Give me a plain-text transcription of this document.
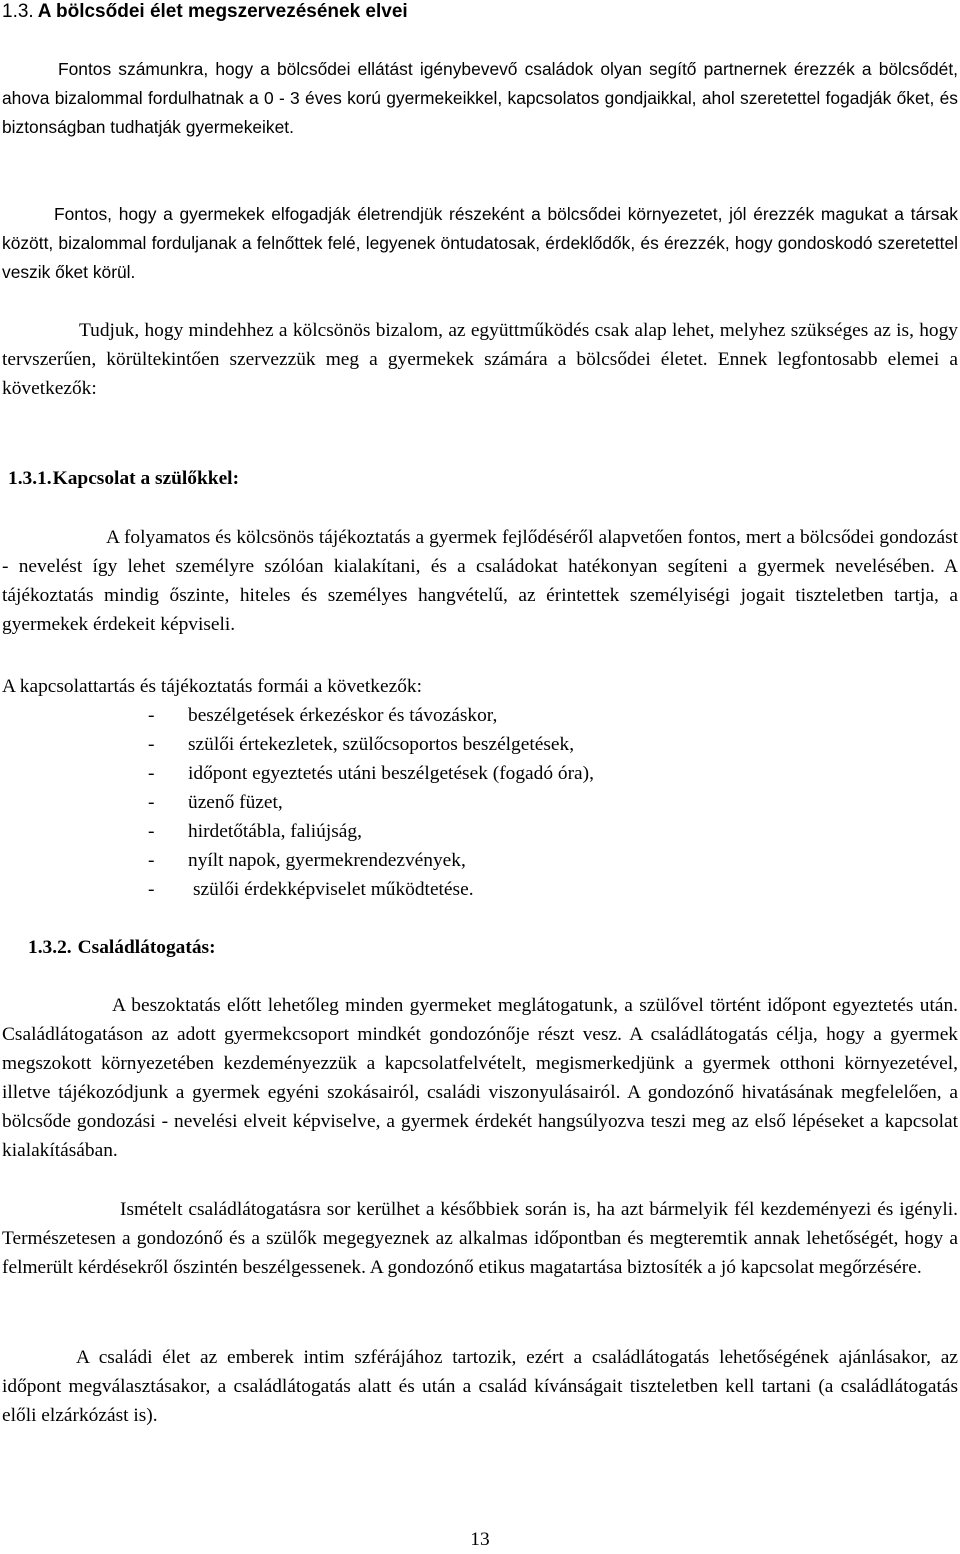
1.3. A bölcsődei élet megszervezésének elvei

Fontos számunkra, hogy a bölcsődei ellátást igénybevevő családok olyan segítő partnernek érezzék a bölcsődét, ahova bizalommal fordulhatnak a 0 - 3 éves korú gyermekeikkel, kapcsolatos gondjaikkal, ahol szeretettel fogadják őket, és biztonságban tudhatják gyermekeiket.

Fontos, hogy a gyermekek elfogadják életrendjük részeként a bölcsődei környezetet, jól érezzék magukat a társak között, bizalommal forduljanak a felnőttek felé, legyenek öntudatosak, érdeklődők, és érezzék, hogy gondoskodó szeretettel veszik őket körül.

Tudjuk, hogy mindehhez a kölcsönös bizalom, az együttműködés csak alap lehet, melyhez szükséges az is, hogy tervszerűen, körültekintően szervezzük meg a gyermekek számára a bölcsődei életet. Ennek legfontosabb elemei a következők:

1.3.1.Kapcsolat a szülőkkel:

A folyamatos és kölcsönös tájékoztatás a gyermek fejlődéséről alapvetően fontos, mert a bölcsődei gondozást - nevelést így lehet személyre szólóan kialakítani, és a családokat hatékonyan segíteni a gyermek nevelésében. A tájékoztatás mindig őszinte, hiteles és személyes hangvételű, az érintettek személyiségi jogait tiszteletben tartja, a gyermekek érdekeit képviseli.

A kapcsolattartás és tájékoztatás formái a következők:

-	beszélgetések érkezéskor és távozáskor,
-	szülői értekezletek, szülőcsoportos beszélgetések,
-	időpont egyeztetés utáni beszélgetések (fogadó óra),
-	üzenő füzet,
-	hirdetőtábla, faliújság,
-	nyílt napok, gyermekrendezvények,
-	szülői érdekképviselet működtetése.
1.3.2. Családlátogatás:

A beszoktatás előtt lehetőleg minden gyermeket meglátogatunk, a szülővel történt időpont egyeztetés után. Családlátogatáson az adott gyermekcsoport mindkét gondozónője részt vesz. A családlátogatás célja, hogy a gyermek megszokott környezetében kezdeményezzük a kapcsolatfelvételt, megismerkedjünk a gyermek otthoni környezetével, illetve tájékozódjunk a gyermek egyéni szokásairól, családi viszonyulásairól. A gondozónő hivatásának megfelelően, a bölcsőde gondozási - nevelési elveit képviselve, a gyermek érdekét hangsúlyozva teszi meg az első lépéseket a kapcsolat kialakításában.

Ismételt családlátogatásra sor kerülhet a későbbiek során is, ha azt bármelyik fél kezdeményezi és igényli. Természetesen a gondozónő és a szülők megegyeznek az alkalmas időpontban és megteremtik annak lehetőségét, hogy a felmerült kérdésekről őszintén beszélgessenek. A gondozónő etikus magatartása biztosíték a jó kapcsolat megőrzésére.

A családi élet az emberek intim szférájához tartozik, ezért a családlátogatás lehetőségének ajánlásakor, az időpont megválasztásakor, a családlátogatás alatt és után a család kívánságait tiszteletben kell tartani (a családlátogatás előli elzárkózást is).

13
